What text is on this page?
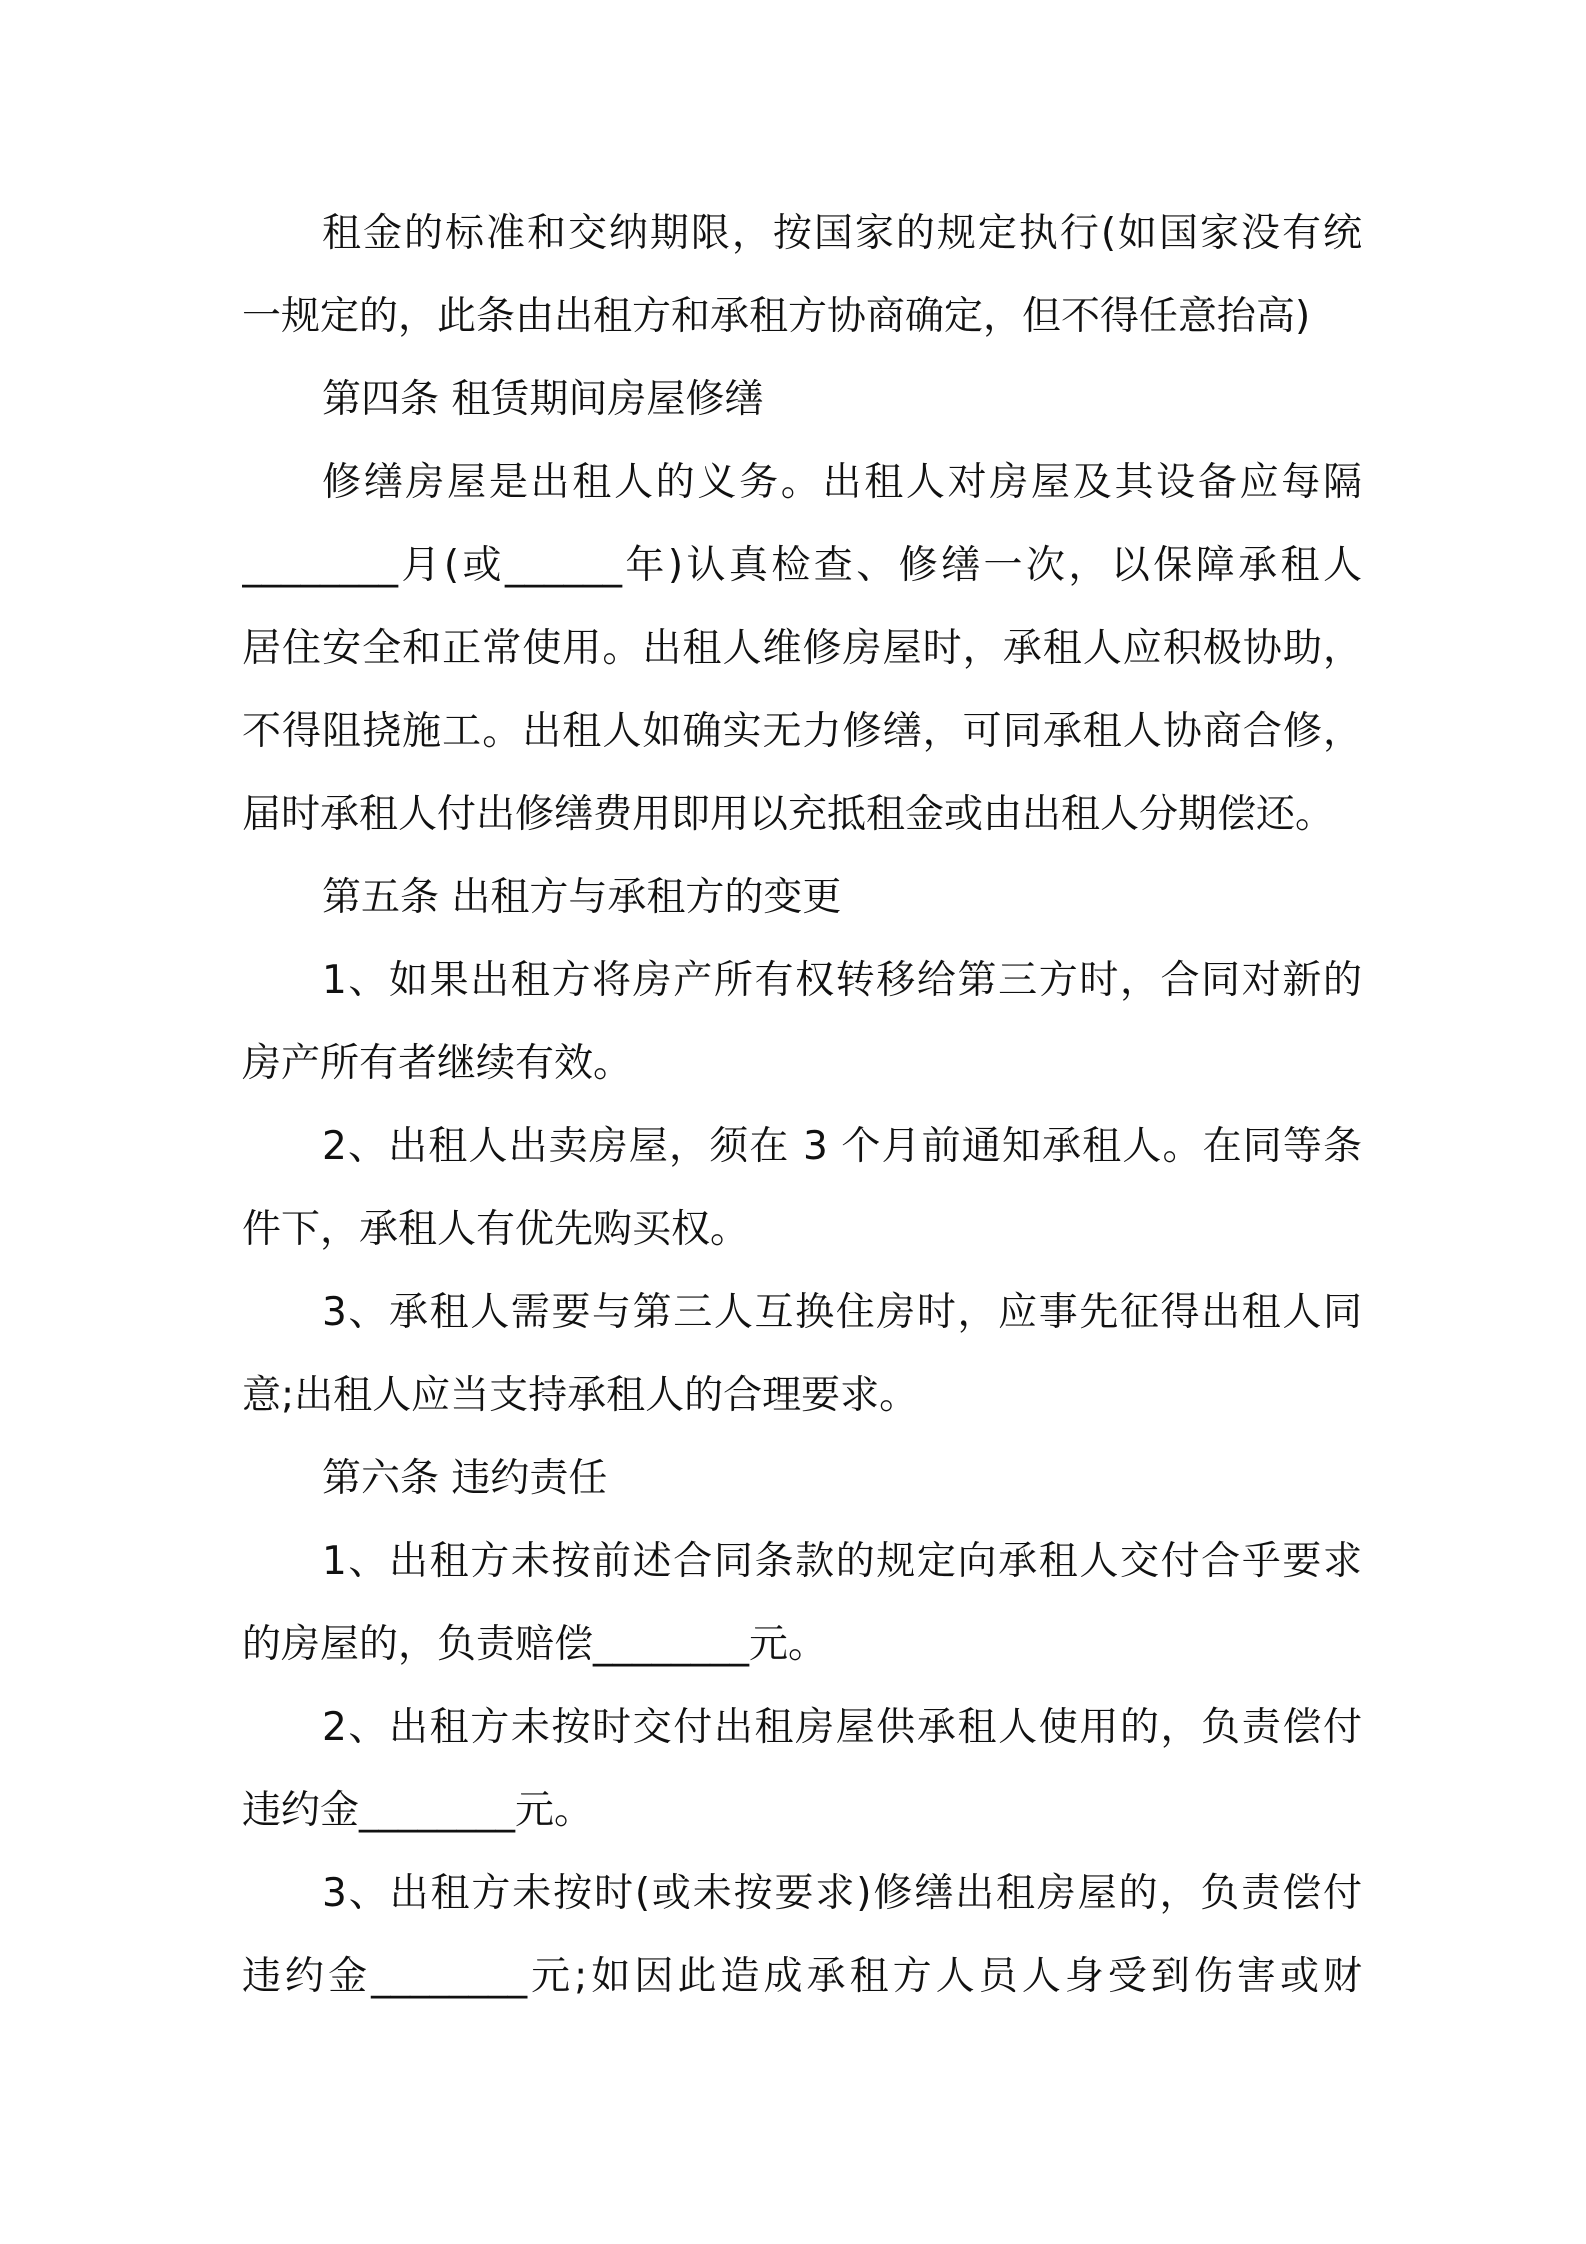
租金的标准和交纳期限，按国家的规定执行(如国家没有统
一规定的，此条由出租方和承租方协商确定，但不得任意抬高)
第四条 租赁期间房屋修缮
修缮房屋是出租人的义务。出租人对房屋及其设备应每隔
________月(或______年)认真检查、修缮一次，以保障承租人
居住安全和正常使用。出租人维修房屋时，承租人应积极协助，
不得阻挠施工。出租人如确实无力修缮，可同承租人协商合修，
届时承租人付出修缮费用即用以充抵租金或由出租人分期偿还。
第五条 出租方与承租方的变更
1、如果出租方将房产所有权转移给第三方时，合同对新的
房产所有者继续有效。
2、出租人出卖房屋，须在 3 个月前通知承租人。在同等条
件下，承租人有优先购买权。
3、承租人需要与第三人互换住房时，应事先征得出租人同
意;出租人应当支持承租人的合理要求。
第六条 违约责任
1、出租方未按前述合同条款的规定向承租人交付合乎要求
的房屋的，负责赔偿________元。
2、出租方未按时交付出租房屋供承租人使用的，负责偿付
违约金________元。
3、出租方未按时(或未按要求)修缮出租房屋的，负责偿付
违约金________元;如因此造成承租方人员人身受到伤害或财
